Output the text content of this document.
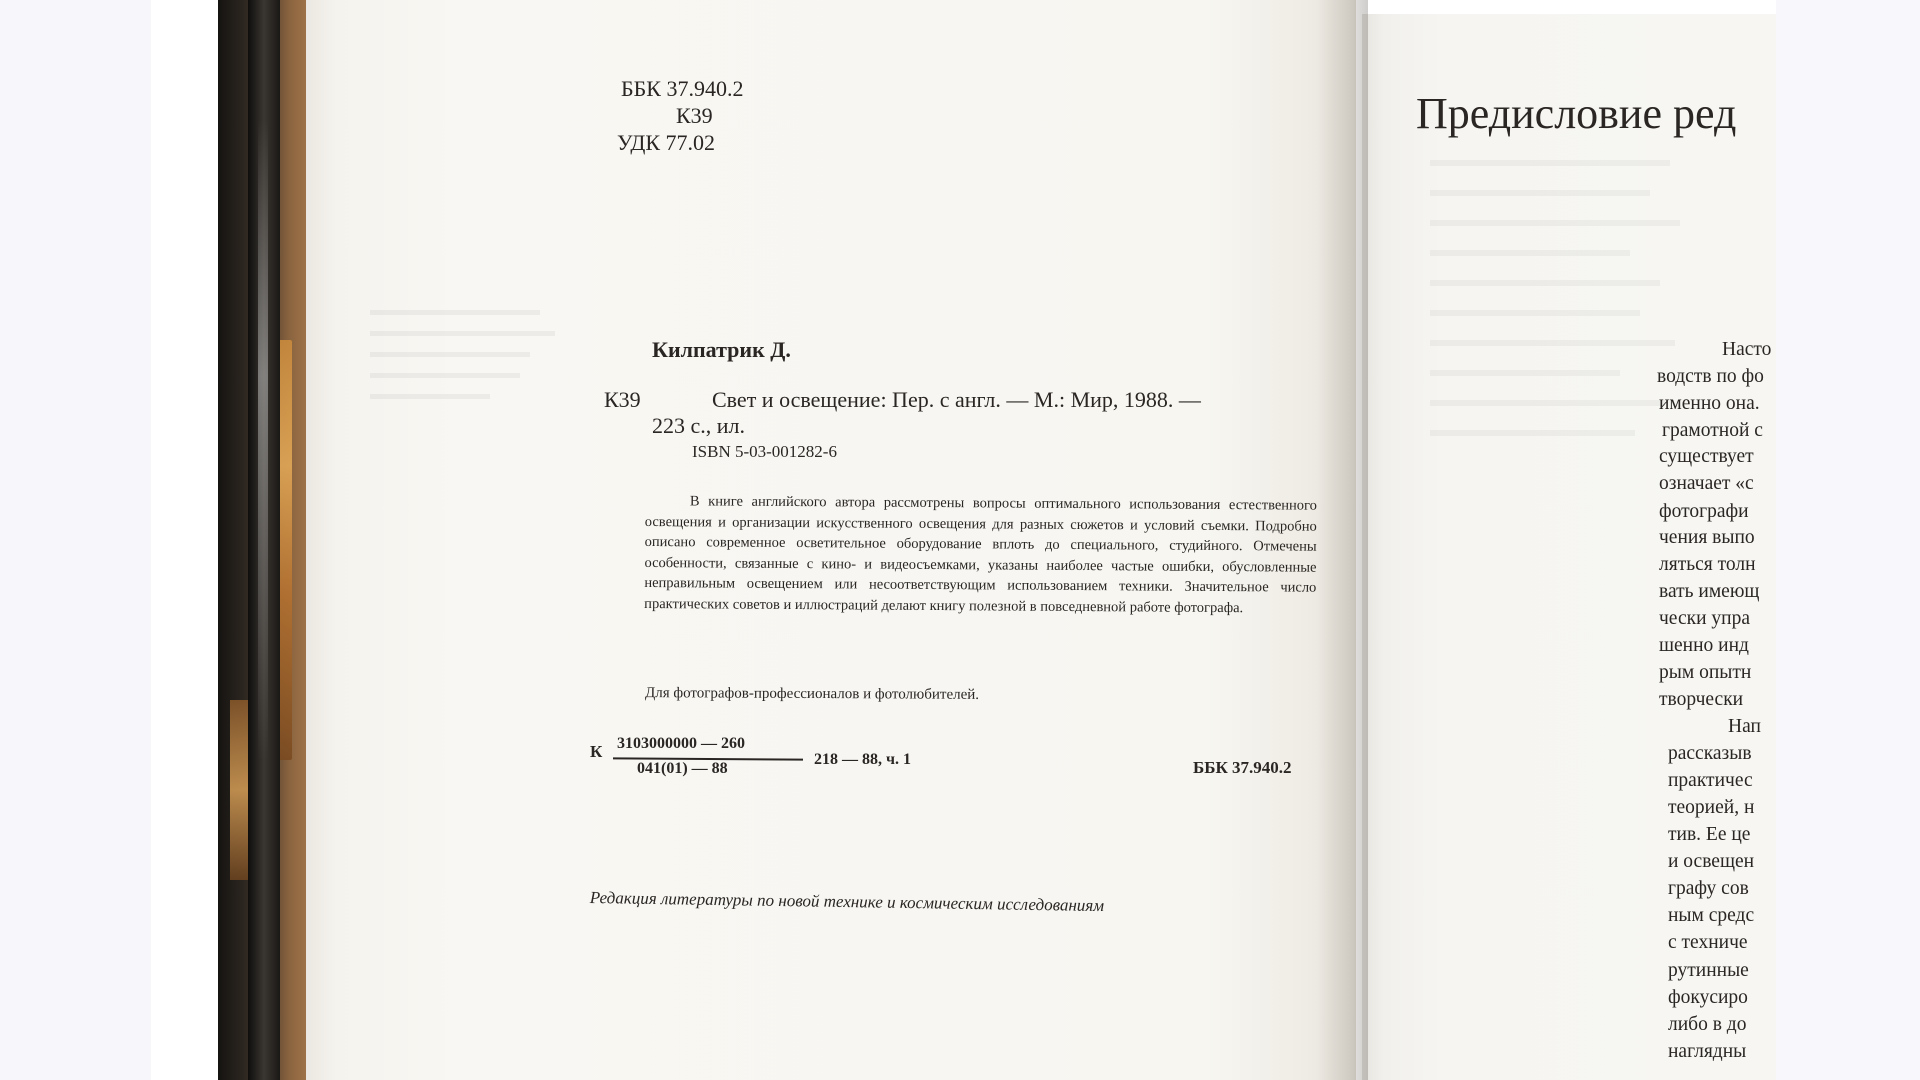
ББК 37.940.2
К39
УДК 77.02
Килпатрик Д.
К39	Свет и освещение: Пер. с англ. — М.: Мир, 1988. —
223 с., ил.
ISBN 5-03-001282-6
В книге английского автора рассмотрены вопросы оптимального использования естественного освещения и организации искусственного освещения для разных сюжетов и условий съемки. Подробно описано современное осветительное оборудование вплоть до специального, студийного. Отмечены особенности, связанные с кино- и видеосъемками, указаны наиболее частые ошибки, обусловленные неправильным освещением или несоответствующим использованием техники. Значительное число практических советов и иллюстраций делают книгу полезной в повседневной работе фотографа.
Для фотографов-профессионалов и фотолюбителей.
К 3103000000 — 260
041(01) — 88
218 — 88, ч. 1	ББК 37.940.2
Редакция литературы по новой технике и космическим исследованиям
Предисловие ред
Насто
водств по фо
именно она.
грамотной с
существует
означает «с
фотографи
чения выпо
ляться толн
вать имеющ
чески упра
шенно инд
рым опытн
творчески
Нап
рассказыв
практичес
теорией, н
тив. Ее це
и освещен
графу сов
ным средс
с техниче
рутинные
фокусиро
либо в до
наглядны
